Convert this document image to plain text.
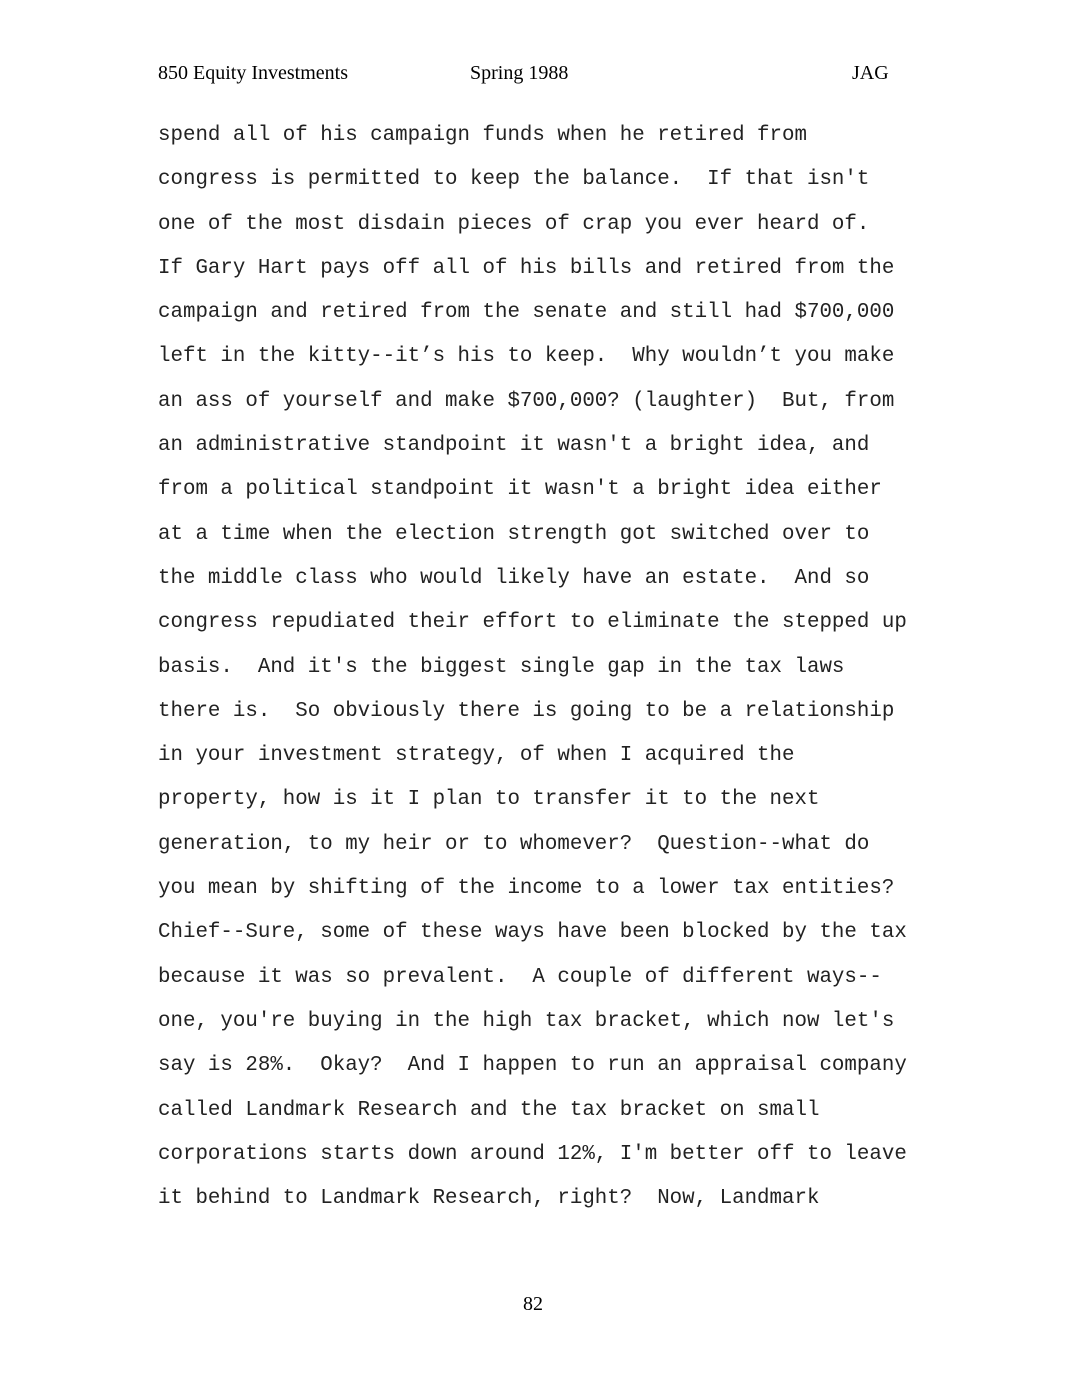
850 Equity Investments	Spring 1988	JAG
spend all of his campaign funds when he retired from
congress is permitted to keep the balance.  If that isn't
one of the most disdain pieces of crap you ever heard of.
If Gary Hart pays off all of his bills and retired from the
campaign and retired from the senate and still had $700,000
left in the kitty--it’s his to keep.  Why wouldn’t you make
an ass of yourself and make $700,000? (laughter)  But, from
an administrative standpoint it wasn't a bright idea, and
from a political standpoint it wasn't a bright idea either
at a time when the election strength got switched over to
the middle class who would likely have an estate.  And so
congress repudiated their effort to eliminate the stepped up
basis.  And it's the biggest single gap in the tax laws
there is.  So obviously there is going to be a relationship
in your investment strategy, of when I acquired the
property, how is it I plan to transfer it to the next
generation, to my heir or to whomever?  Question--what do
you mean by shifting of the income to a lower tax entities?
Chief--Sure, some of these ways have been blocked by the tax
because it was so prevalent.  A couple of different ways--
one, you're buying in the high tax bracket, which now let's
say is 28%.  Okay?  And I happen to run an appraisal company
called Landmark Research and the tax bracket on small
corporations starts down around 12%, I'm better off to leave
it behind to Landmark Research, right?  Now, Landmark
82
